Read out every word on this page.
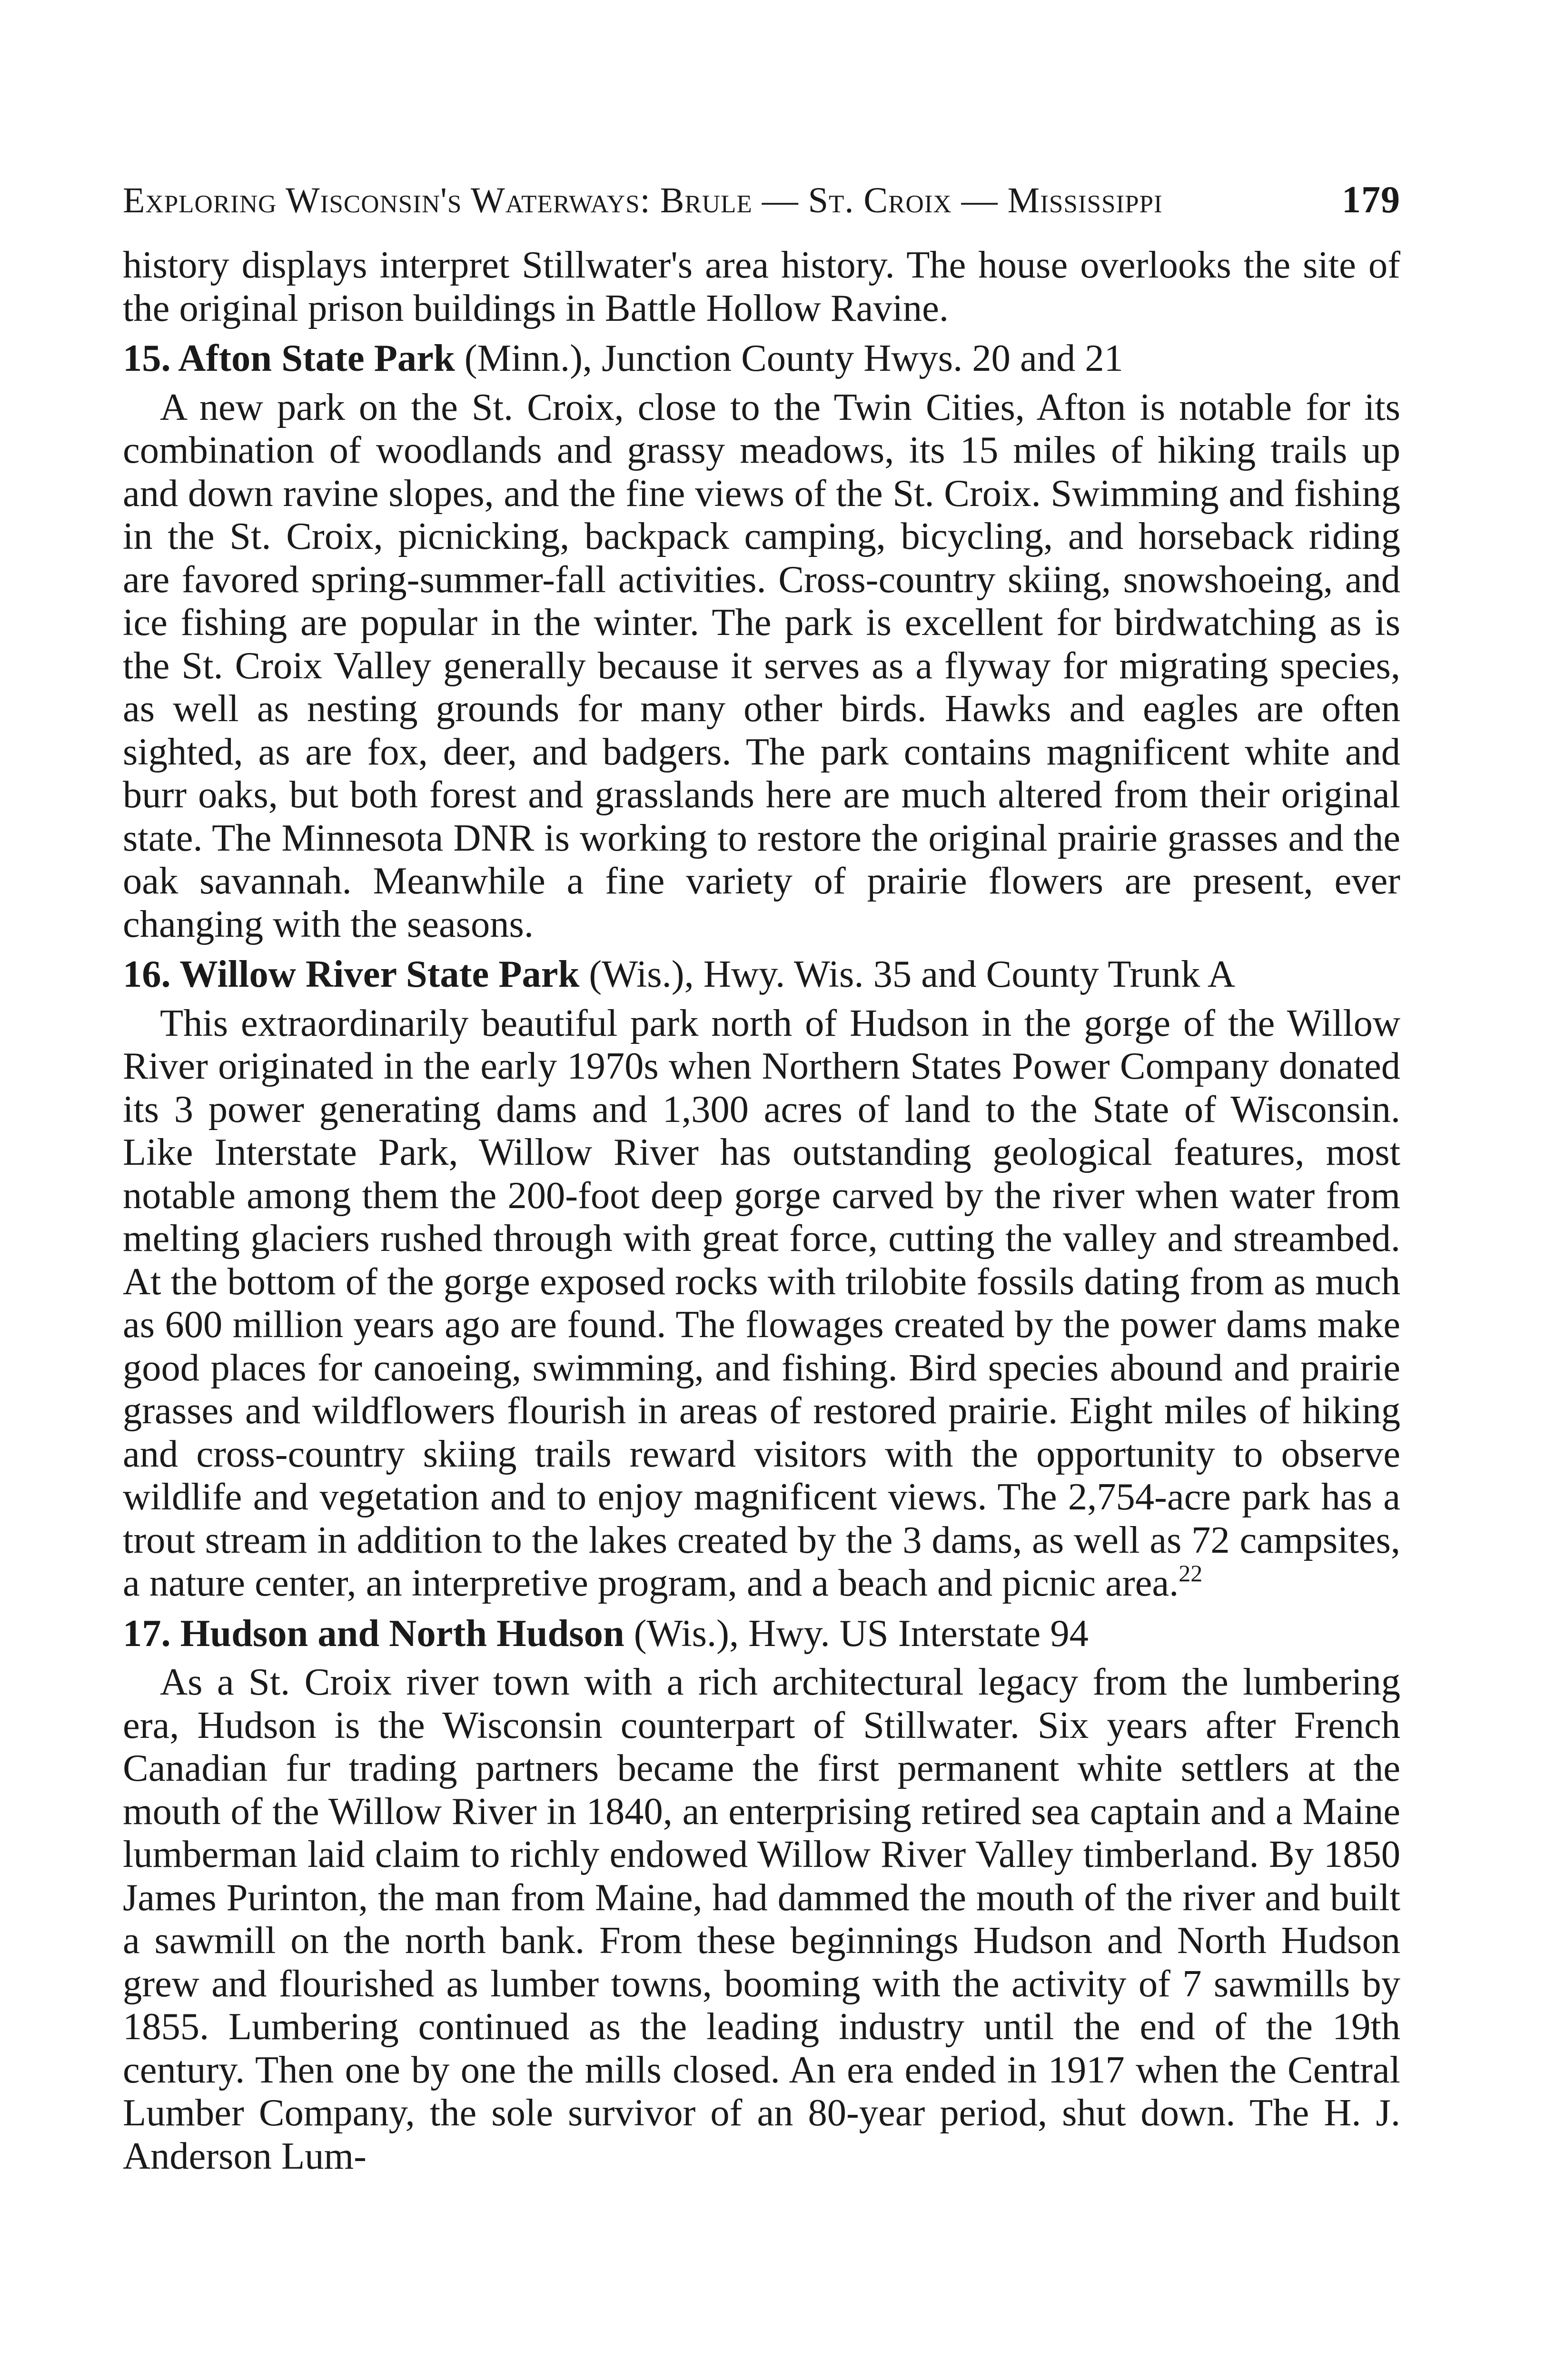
Exploring Wisconsin's Waterways: Brule — St. Croix — Mississippi	179

history displays interpret Stillwater's area history. The house overlooks the site of the original prison buildings in Battle Hollow Ravine.

15. Afton State Park (Minn.), Junction County Hwys. 20 and 21

A new park on the St. Croix, close to the Twin Cities, Afton is notable for its combination of woodlands and grassy meadows, its 15 miles of hiking trails up and down ravine slopes, and the fine views of the St. Croix. Swimming and fishing in the St. Croix, picnicking, backpack camping, bicycling, and horseback riding are favored spring-summer-fall activities. Cross-country skiing, snowshoeing, and ice fishing are popular in the winter. The park is excellent for birdwatching as is the St. Croix Valley generally because it serves as a flyway for migrating species, as well as nesting grounds for many other birds. Hawks and eagles are often sighted, as are fox, deer, and badgers. The park contains magnificent white and burr oaks, but both forest and grasslands here are much altered from their original state. The Minnesota DNR is working to restore the original prairie grasses and the oak savannah. Meanwhile a fine variety of prairie flowers are present, ever changing with the seasons.

16. Willow River State Park (Wis.), Hwy. Wis. 35 and County Trunk A

This extraordinarily beautiful park north of Hudson in the gorge of the Willow River originated in the early 1970s when Northern States Power Company donated its 3 power generating dams and 1,300 acres of land to the State of Wisconsin. Like Interstate Park, Willow River has outstanding geological features, most notable among them the 200-foot deep gorge carved by the river when water from melting glaciers rushed through with great force, cutting the valley and streambed. At the bottom of the gorge exposed rocks with trilobite fossils dating from as much as 600 million years ago are found. The flowages created by the power dams make good places for canoeing, swimming, and fishing. Bird species abound and prairie grasses and wildflowers flourish in areas of restored prairie. Eight miles of hiking and cross-country skiing trails reward visitors with the opportunity to observe wildlife and vegetation and to enjoy magnificent views. The 2,754-acre park has a trout stream in addition to the lakes created by the 3 dams, as well as 72 campsites, a nature center, an interpretive program, and a beach and picnic area.$^{22}$

17. Hudson and North Hudson (Wis.), Hwy. US Interstate 94

As a St. Croix river town with a rich architectural legacy from the lumbering era, Hudson is the Wisconsin counterpart of Stillwater. Six years after French Canadian fur trading partners became the first permanent white settlers at the mouth of the Willow River in 1840, an enterprising retired sea captain and a Maine lumberman laid claim to richly endowed Willow River Valley timberland. By 1850 James Purinton, the man from Maine, had dammed the mouth of the river and built a sawmill on the north bank. From these beginnings Hudson and North Hudson grew and flourished as lumber towns, booming with the activity of 7 sawmills by 1855. Lumbering continued as the leading industry until the end of the 19th century. Then one by one the mills closed. An era ended in 1917 when the Central Lumber Company, the sole survivor of an 80-year period, shut down. The H. J. Anderson Lum-
